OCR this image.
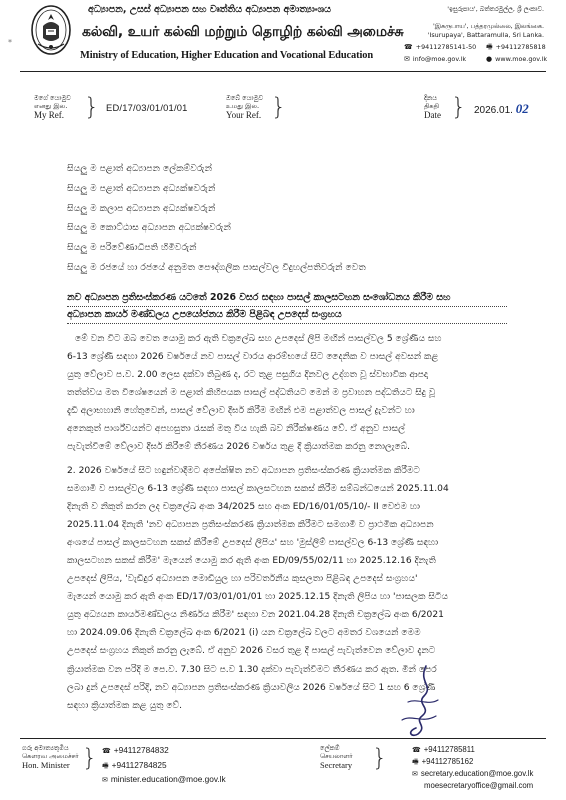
*
අධ්‍යාපන, උසස් අධ්‍යාපන සහ වෘත්තිය අධ්‍යාපන අමාත්‍යාංශය
கல்வி, உயர் கல்வி மற்றும் தொழிற் கல்வி அமைச்சு
Ministry of Education, Higher Education and Vocational Education
'ඉසුරුපාය', බත්තරමුල්ල, ශ්‍රී ලංකාව.
'இசுருபாய', பத்தரமுல்லை, இலங்கை.
'Isurupaya', Battaramulla, Sri Lanka.
☎ +94112785141-50 🖷 +94112785818
✉ info@moe.gov.lk	● www.moe.gov.lk
මගේ යොමුව
எனது இல.
My Ref. } ED/17/03/01/01/01
ඔබේ යොමුව
உமது இல.
Your Ref. }	දිනය
திகதி
Date } 2026.01. 02
සියලු ම පළාත් අධ්‍යාපන ලේකම්වරුන්
සියලු ම පළාත් අධ්‍යාපන අධ්‍යක්ෂවරුන්
සියලු ම කලාප අධ්‍යාපන අධ්‍යක්ෂවරුන්
සියලු ම කොට්ඨාස අධ්‍යාපන අධ්‍යක්ෂවරුන්
සියලු ම පරිවේණාධිපති හිමිවරුන්
සියලු ම රජයේ හා රජයේ අනුමත පෞද්ගලික පාසල්වල විදුහල්පතිවරුන් වෙත
නව අධ්‍යාපන ප්‍රතිසංස්කරණ යටතේ 2026 වසර සඳහා පාසල් කාලසටහන සංශෝධනය කිරීම සහ
අධ්‍යාපන කාර්ය මණ්ඩලය උපයෝජනය කිරීම පිළිබඳ උපදෙස් සංග්‍රහය
මේ වන විට ඔබ වෙත යොමු කර ඇති චක්‍රලේඛ සහ උපදෙස් ලිපි මඟින් පාසල්වල 5 ශ්‍රේණිය සහ
6-13 ශ්‍රේණි සඳහා 2026 වර්ෂයේ නව පාසල් වාරය ආරම්භයේ සිට දෛනික ව පාසල් අවසන් කළ
යුතු වේලාව ප.ව. 2.00 ලෙස දක්වා තිබුණ ද, රට තුළ පසුගිය දිනවල උද්ගත වූ ස්වභාවික ආපදා
තත්ත්වය මත විශේෂයෙන් ම පළාත් කිහිපයක පාසල් පද්ධතියට මෙන් ම ප්‍රවාහන පද්ධතියට සිදු වූ
දැඩි අලාභහානි හේතුවෙන්, පාසල් වේලාව දීර්ඝ කිරීම මඟින් එම පළාත්වල පාසල් ද්‍රැවන්ට හා
අනෙකුත් පාර්ශ්වයන්ට අපහසුතා රැසක් මතු විය හැකි බව නිරීක්ෂණය වේ. ඒ අනුව පාසල්
පැවැත්වීමේ වේලාව දීර්ඝ කිරීමේ තීරණය 2026 වර්ෂය තුළ දී ක්‍රියාත්මක කරනු නොලැබේ.
2. 2026 වර්ෂයේ සිට හඳුන්වාදීමට අපේක්ෂිත නව අධ්‍යාපන ප්‍රතිසංස්කරණ ක්‍රියාත්මක කිරීමට
සමගාමී ව පාසල්වල 6-13 ශ්‍රේණි සඳහා පාසල් කාලසටහන සකස් කිරීම සම්බන්ධයෙන් 2025.11.04
දිනැති ව නිකුත් කරන ලද චක්‍රලේඛ අංක 34/2025 සහ අංක ED/16/01/05/10/- II වෙළුම හා
2025.11.04 දිනැති 'නව අධ්‍යාපන ප්‍රතිසංස්කරණ ක්‍රියාත්මක කිරීමට සමගාමී ව ප්‍රාථමික අධ්‍යාපන
අංශයේ පාසල් කාලසටහන සකස් කිරීමේ උපදෙස් ලිපිය' සහ 'මුස්ලිම් පාසල්වල 6-13 ශ්‍රේණි සඳහා
කාලසටහන සකස් කිරීම' මැයෙන් යොමු කර ඇති අංක ED/09/55/02/11 හා 2025.12.16 දිනැති
උපදෙස් ලිපිය, 'වැඩිදුර අධ්‍යාපන මොඩියුල හා පරිවර්තනීය කුසලතා පිළිබඳ උපදෙස් සංග්‍රහය'
මැයෙන් යොමු කර ඇති අංක ED/17/03/01/01/01 හා 2025.12.15 දිනැති ලිපිය හා 'පාසලක සිටිය
යුතු අධ්‍යයන කාර්යමණ්ඩලය නිර්ණය කිරීම' සඳහා වන 2021.04.28 දිනැති චක්‍රලේඛ අංක 6/2021
හා 2024.09.06 දිනැති චක්‍රලේඛ අංක 6/2021 (i) යන චක්‍රලේඛ වලට අමතර වශයෙන් මෙම
උපදෙස් සංග්‍රහය නිකුත් කරනු ලැබේ. ඒ අනුව 2026 වසර තුළ දී පාසල් පැවැත්වෙන වේලාව දැනට
ක්‍රියාත්මක වන පරිදි ම පෙ.ව. 7.30 සිට ප.ව 1.30 දක්වා පැවැත්වීමට තීරණය කර ඇත. මින් පෙර
ලබා දුන් උපදෙස් පරිදි, නව අධ්‍යාපන ප්‍රතිසංස්කරණ ක්‍රියාවලිය 2026 වර්ෂයේ සිට 1 සහ 6 ශ්‍රේණි
සඳහා ක්‍රියාත්මක කළ යුතු වේ.
ගරු අමාත්‍යතුමිය
கௌரவ அமைச்சர்
Hon. Minister } ☎ +94112784832
🖷 +94112784825
✉ minister.education@moe.gov.lk
ලේකම්
செயலாளர்
Secretary }	☎ +94112785811
🖷 +94112785162
✉ secretary.education@moe.gov.lk
moesecretaryoffice@gmail.com
